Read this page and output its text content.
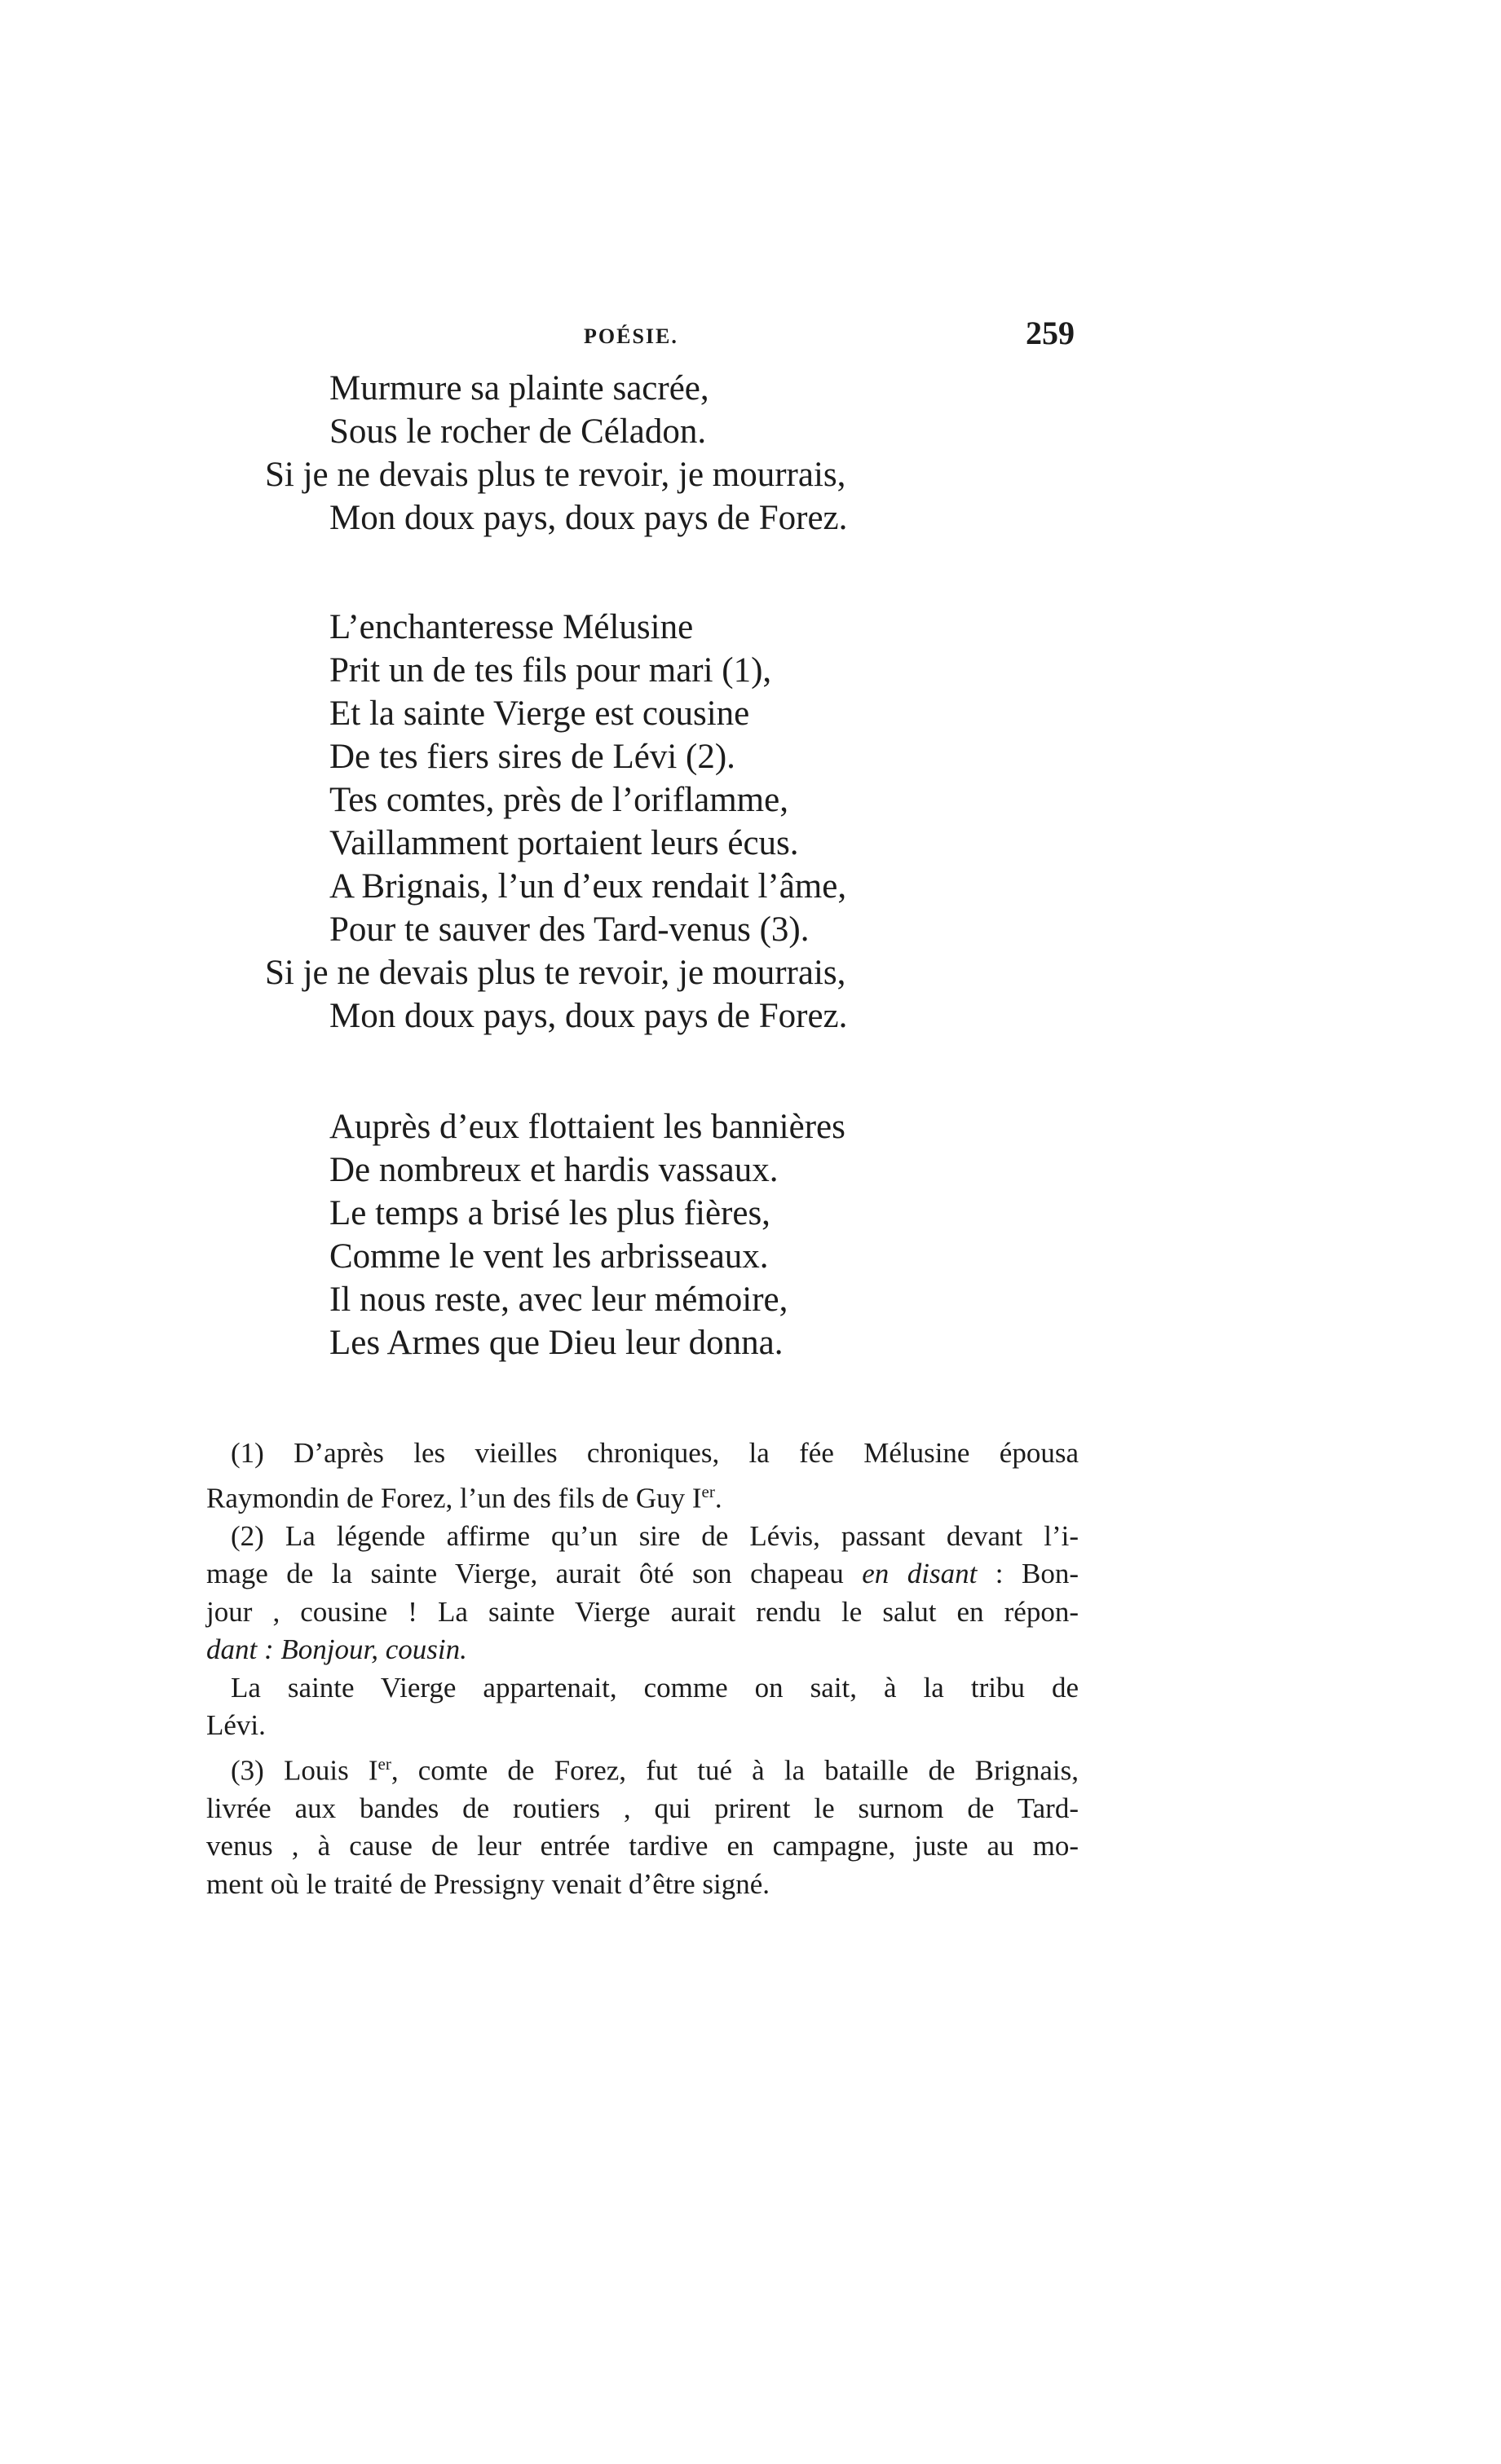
POÉSIE.	259
Murmure sa plainte sacrée,
Sous le rocher de Céladon.
Si je ne devais plus te revoir, je mourrais,
Mon doux pays, doux pays de Forez.
L’enchanteresse Mélusine
Prit un de tes fils pour mari (1),
Et la sainte Vierge est cousine
De tes fiers sires de Lévi (2).
Tes comtes, près de l’oriflamme,
Vaillamment portaient leurs écus.
A Brignais, l’un d’eux rendait l’âme,
Pour te sauver des Tard-venus (3).
Si je ne devais plus te revoir, je mourrais,
Mon doux pays, doux pays de Forez.
Auprès d’eux flottaient les bannières
De nombreux et hardis vassaux.
Le temps a brisé les plus fières,
Comme le vent les arbrisseaux.
Il nous reste, avec leur mémoire,
Les Armes que Dieu leur donna.
(1) D’après les vieilles chroniques, la fée Mélusine épousa
Raymondin de Forez, l’un des fils de Guy Ier.
(2) La légende affirme qu’un sire de Lévis, passant devant l’i-
mage de la sainte Vierge, aurait ôté son chapeau en disant : Bon-
jour , cousine ! La sainte Vierge aurait rendu le salut en répon-
dant : Bonjour, cousin.
La sainte Vierge appartenait, comme on sait, à la tribu de
Lévi.
(3) Louis Ier, comte de Forez, fut tué à la bataille de Brignais,
livrée aux bandes de routiers , qui prirent le surnom de Tard-
venus , à cause de leur entrée tardive en campagne, juste au mo-
ment où le traité de Pressigny venait d’être signé.
